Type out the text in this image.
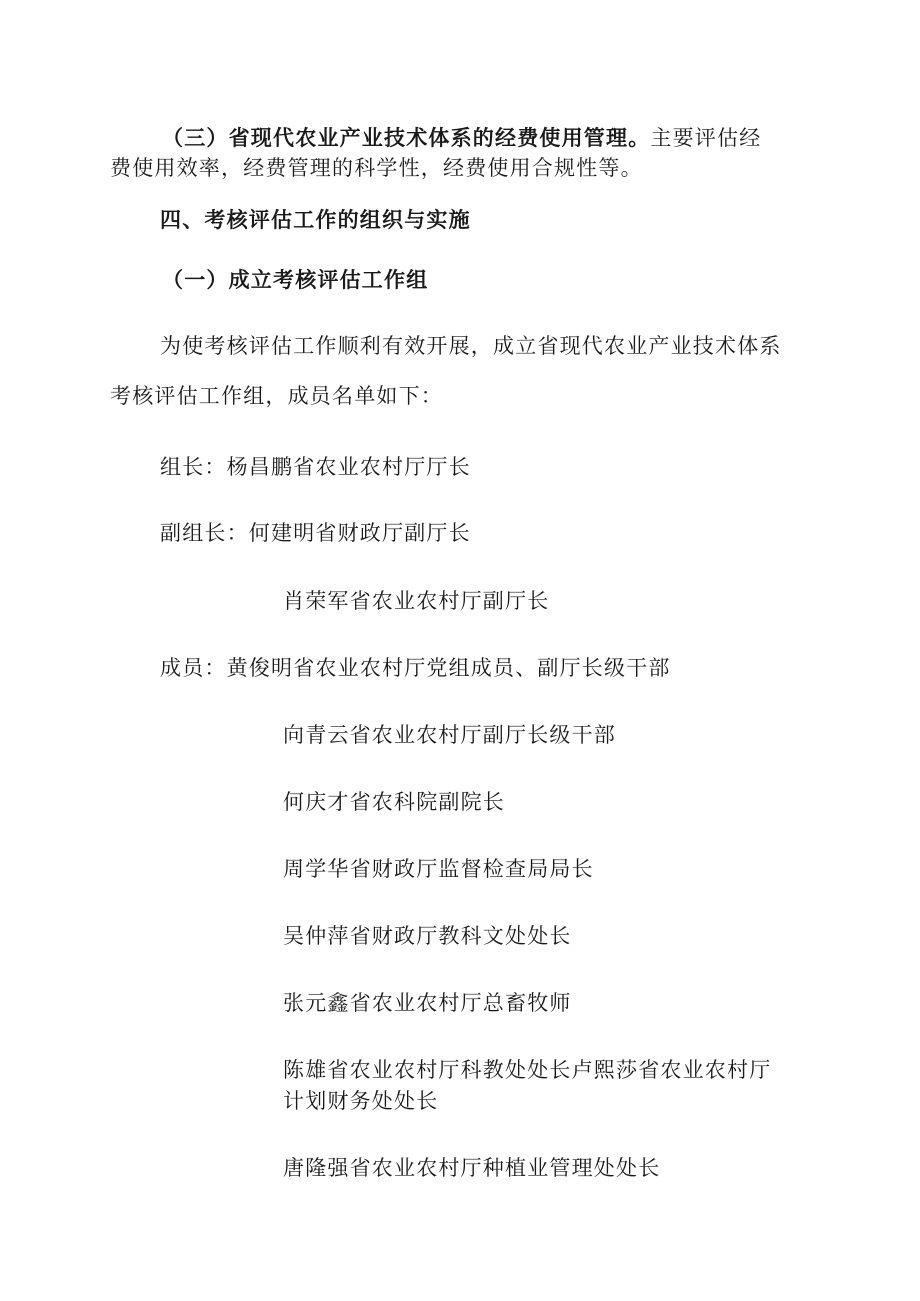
（三）省现代农业产业技术体系的经费使用管理。主要评估经
费使用效率，经费管理的科学性，经费使用合规性等。
四、考核评估工作的组织与实施
（一）成立考核评估工作组
为使考核评估工作顺利有效开展，成立省现代农业产业技术体系
考核评估工作组，成员名单如下：
组长：杨昌鹏省农业农村厅厅长
副组长：何建明省财政厅副厅长
肖荣军省农业农村厅副厅长
成员：黄俊明省农业农村厅党组成员、副厅长级干部
向青云省农业农村厅副厅长级干部
何庆才省农科院副院长
周学华省财政厅监督检查局局长
吴仲萍省财政厅教科文处处长
张元鑫省农业农村厅总畜牧师
陈雄省农业农村厅科教处处长卢熙莎省农业农村厅
计划财务处处长
唐隆强省农业农村厅种植业管理处处长
